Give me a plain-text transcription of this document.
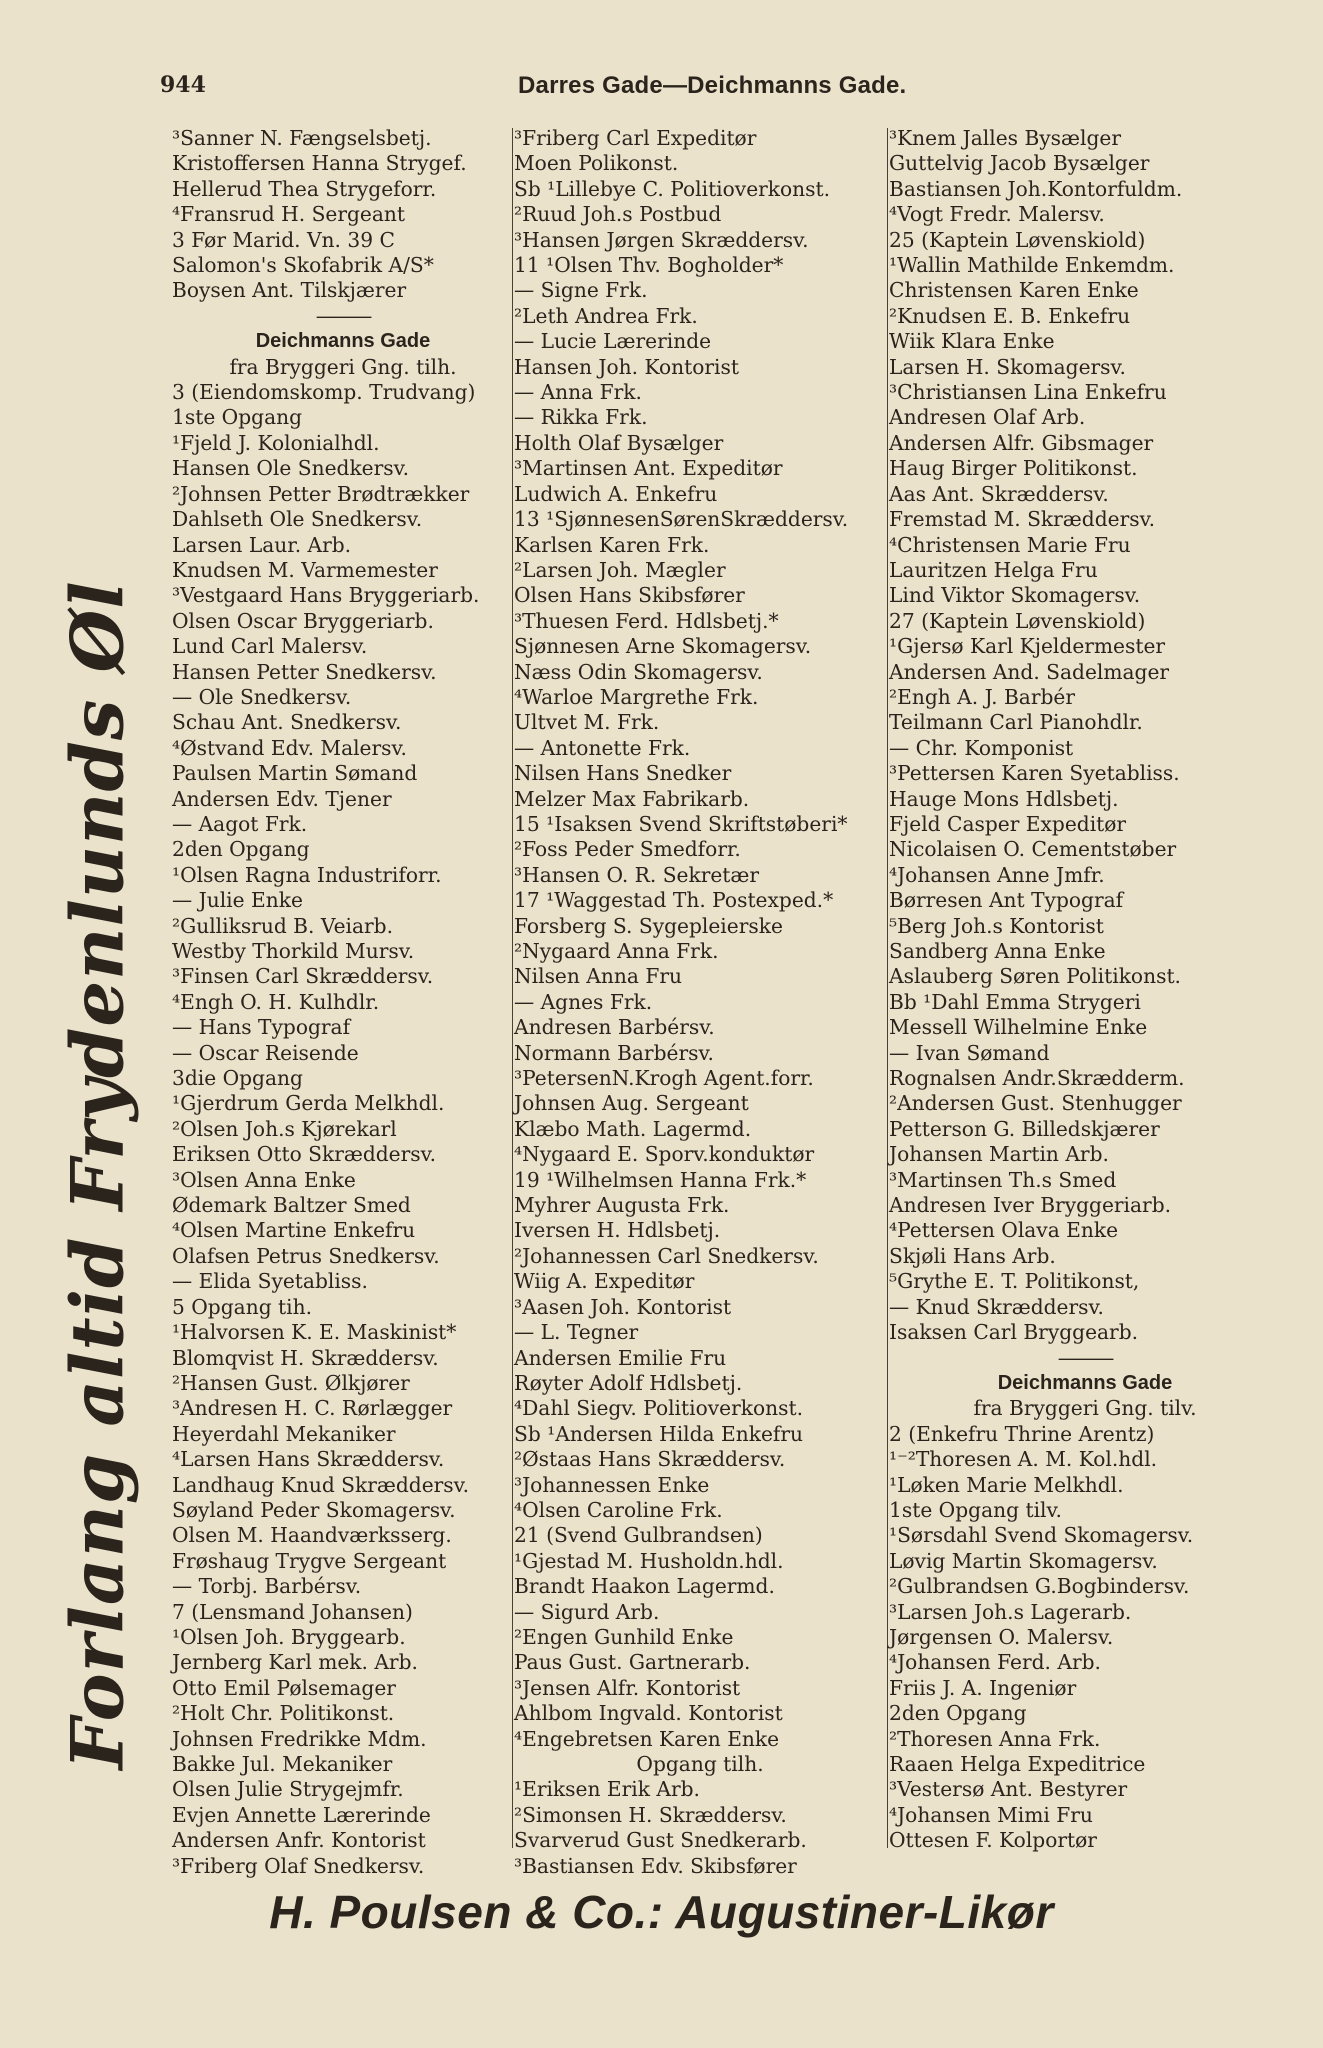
944	Darres Gade—Deichmanns Gade.
Forlang altid Frydenlunds Øl
³Sanner N. Fængselsbetj.
Kristoffersen Hanna Strygef.
Hellerud Thea Strygeforr.
⁴Fransrud H. Sergeant
3 Før Marid. Vn. 39 C
Salomon's Skofabrik A/S*
Boysen Ant. Tilskjærer
———
Deichmanns Gade
fra Bryggeri Gng. tilh.
3 (Eiendomskomp. Trudvang)
1ste Opgang
¹Fjeld J. Kolonialhdl.
Hansen Ole Snedkersv.
²Johnsen Petter Brødtrækker
Dahlseth Ole Snedkersv.
Larsen Laur. Arb.
Knudsen M. Varmemester
³Vestgaard Hans Bryggeriarb.
Olsen Oscar Bryggeriarb.
Lund Carl Malersv.
Hansen Petter Snedkersv.
— Ole Snedkersv.
Schau Ant. Snedkersv.
⁴Østvand Edv. Malersv.
Paulsen Martin Sømand
Andersen Edv. Tjener
— Aagot Frk.
2den Opgang
¹Olsen Ragna Industriforr.
— Julie Enke
²Gulliksrud B. Veiarb.
Westby Thorkild Mursv.
³Finsen Carl Skræddersv.
⁴Engh O. H. Kulhdlr.
— Hans Typograf
— Oscar Reisende
3die Opgang
¹Gjerdrum Gerda Melkhdl.
²Olsen Joh.s Kjørekarl
Eriksen Otto Skræddersv.
³Olsen Anna Enke
Ødemark Baltzer Smed
⁴Olsen Martine Enkefru
Olafsen Petrus Snedkersv.
— Elida Syetabliss.
5 Opgang tih.
¹Halvorsen K. E. Maskinist*
Blomqvist H. Skræddersv.
²Hansen Gust. Ølkjører
³Andresen H. C. Rørlægger
Heyerdahl Mekaniker
⁴Larsen Hans Skræddersv.
Landhaug Knud Skræddersv.
Søyland Peder Skomagersv.
Olsen M. Haandværksserg.
Frøshaug Trygve Sergeant
— Torbj. Barbérsv.
7 (Lensmand Johansen)
¹Olsen Joh. Bryggearb.
Jernberg Karl mek. Arb.
Otto Emil Pølsemager
²Holt Chr. Politikonst.
Johnsen Fredrikke Mdm.
Bakke Jul. Mekaniker
Olsen Julie Strygejmfr.
Evjen Annette Lærerinde
Andersen Anfr. Kontorist
³Friberg Olaf Snedkersv.
³Friberg Carl Expeditør
Moen Polikonst.
Sb ¹Lillebye C. Politioverkonst.
²Ruud Joh.s Postbud
³Hansen Jørgen Skræddersv.
11 ¹Olsen Thv. Bogholder*
— Signe Frk.
²Leth Andrea Frk.
— Lucie Lærerinde
Hansen Joh. Kontorist
— Anna Frk.
— Rikka Frk.
Holth Olaf Bysælger
³Martinsen Ant. Expeditør
Ludwich A. Enkefru
13 ¹SjønnesenSørenSkræddersv.
Karlsen Karen Frk.
²Larsen Joh. Mægler
Olsen Hans Skibsfører
³Thuesen Ferd. Hdlsbetj.*
Sjønnesen Arne Skomagersv.
Næss Odin Skomagersv.
⁴Warloe Margrethe Frk.
Ultvet M. Frk.
— Antonette Frk.
Nilsen Hans Snedker
Melzer Max Fabrikarb.
15 ¹Isaksen Svend Skriftstøberi*
²Foss Peder Smedforr.
³Hansen O. R. Sekretær
17 ¹Waggestad Th. Postexped.*
Forsberg S. Sygepleierske
²Nygaard Anna Frk.
Nilsen Anna Fru
— Agnes Frk.
Andresen Barbérsv.
Normann Barbérsv.
³PetersenN.Krogh Agent.forr.
Johnsen Aug. Sergeant
Klæbo Math. Lagermd.
⁴Nygaard E. Sporv.konduktør
19 ¹Wilhelmsen Hanna Frk.*
Myhrer Augusta Frk.
Iversen H. Hdlsbetj.
²Johannessen Carl Snedkersv.
Wiig A. Expeditør
³Aasen Joh. Kontorist
— L. Tegner
Andersen Emilie Fru
Røyter Adolf Hdlsbetj.
⁴Dahl Siegv. Politioverkonst.
Sb ¹Andersen Hilda Enkefru
²Østaas Hans Skræddersv.
³Johannessen Enke
⁴Olsen Caroline Frk.
21 (Svend Gulbrandsen)
¹Gjestad M. Husholdn.hdl.
Brandt Haakon Lagermd.
— Sigurd Arb.
²Engen Gunhild Enke
Paus Gust. Gartnerarb.
³Jensen Alfr. Kontorist
Ahlbom Ingvald. Kontorist
⁴Engebretsen Karen Enke
Opgang tilh.
¹Eriksen Erik Arb.
²Simonsen H. Skræddersv.
Svarverud Gust Snedkerarb.
³Bastiansen Edv. Skibsfører
³Knem Jalles Bysælger
Guttelvig Jacob Bysælger
Bastiansen Joh.Kontorfuldm.
⁴Vogt Fredr. Malersv.
25 (Kaptein Løvenskiold)
¹Wallin Mathilde Enkemdm.
Christensen Karen Enke
²Knudsen E. B. Enkefru
Wiik Klara Enke
Larsen H. Skomagersv.
³Christiansen Lina Enkefru
Andresen Olaf Arb.
Andersen Alfr. Gibsmager
Haug Birger Politikonst.
Aas Ant. Skræddersv.
Fremstad M. Skræddersv.
⁴Christensen Marie Fru
Lauritzen Helga Fru
Lind Viktor Skomagersv.
27 (Kaptein Løvenskiold)
¹Gjersø Karl Kjeldermester
Andersen And. Sadelmager
²Engh A. J. Barbér
Teilmann Carl Pianohdlr.
— Chr. Komponist
³Pettersen Karen Syetabliss.
Hauge Mons Hdlsbetj.
Fjeld Casper Expeditør
Nicolaisen O. Cementstøber
⁴Johansen Anne Jmfr.
Børresen Ant Typograf
⁵Berg Joh.s Kontorist
Sandberg Anna Enke
Aslauberg Søren Politikonst.
Bb ¹Dahl Emma Strygeri
Messell Wilhelmine Enke
— Ivan Sømand
Rognalsen Andr.Skrædderm.
²Andersen Gust. Stenhugger
Petterson G. Billedskjærer
Johansen Martin Arb.
³Martinsen Th.s Smed
Andresen Iver Bryggeriarb.
⁴Pettersen Olava Enke
Skjøli Hans Arb.
⁵Grythe E. T. Politikonst,
— Knud Skræddersv.
Isaksen Carl Bryggearb.
———
Deichmanns Gade
fra Bryggeri Gng. tilv.
2 (Enkefru Thrine Arentz)
¹⁻²Thoresen A. M. Kol.hdl.
¹Løken Marie Melkhdl.
1ste Opgang tilv.
¹Sørsdahl Svend Skomagersv.
Løvig Martin Skomagersv.
²Gulbrandsen G.Bogbindersv.
³Larsen Joh.s Lagerarb.
Jørgensen O. Malersv.
⁴Johansen Ferd. Arb.
Friis J. A. Ingeniør
2den Opgang
²Thoresen Anna Frk.
Raaen Helga Expeditrice
³Vestersø Ant. Bestyrer
⁴Johansen Mimi Fru
Ottesen F. Kolportør
H. Poulsen & Co.: Augustiner-Likør
